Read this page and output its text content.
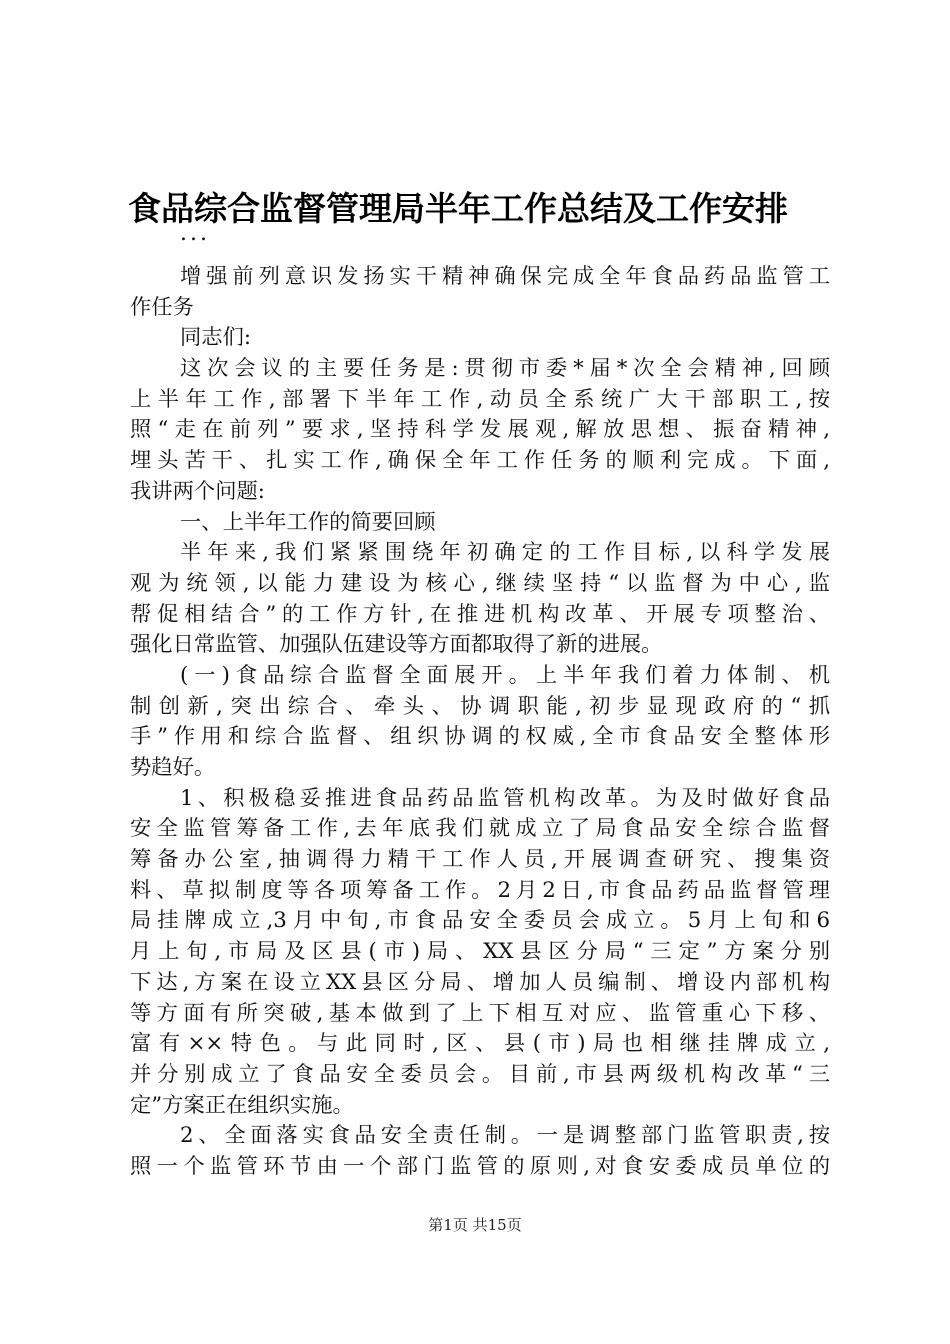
食品综合监督管理局半年工作总结及工作安排
...
增强前列意识发扬实干精神确保完成全年食品药品监管工
作任务
同志们:
这次会议的主要任务是:贯彻市委*届*次全会精神,回顾
上半年工作,部署下半年工作,动员全系统广大干部职工,按
照“走在前列”要求,坚持科学发展观,解放思想、振奋精神,
埋头苦干、扎实工作,确保全年工作任务的顺利完成。下面,
我讲两个问题:
一、上半年工作的简要回顾
半年来,我们紧紧围绕年初确定的工作目标,以科学发展
观为统领,以能力建设为核心,继续坚持“以监督为中心,监
帮促相结合”的工作方针,在推进机构改革、开展专项整治、
强化日常监管、加强队伍建设等方面都取得了新的进展。
(一)食品综合监督全面展开。上半年我们着力体制、机
制创新,突出综合、牵头、协调职能,初步显现政府的“抓
手”作用和综合监督、组织协调的权威,全市食品安全整体形
势趋好。
1、积极稳妥推进食品药品监管机构改革。为及时做好食品
安全监管筹备工作,去年底我们就成立了局食品安全综合监督
筹备办公室,抽调得力精干工作人员,开展调查研究、搜集资
料、草拟制度等各项筹备工作。2月2日,市食品药品监督管理
局挂牌成立,3月中旬,市食品安全委员会成立。5月上旬和6
月上旬,市局及区县(市)局、XX县区分局“三定”方案分别
下达,方案在设立XX县区分局、增加人员编制、增设内部机构
等方面有所突破,基本做到了上下相互对应、监管重心下移、
富有××特色。与此同时,区、县(市)局也相继挂牌成立,
并分别成立了食品安全委员会。目前,市县两级机构改革“三
定”方案正在组织实施。
2、全面落实食品安全责任制。一是调整部门监管职责,按
照一个监管环节由一个部门监管的原则,对食安委成员单位的
第1页 共15页
